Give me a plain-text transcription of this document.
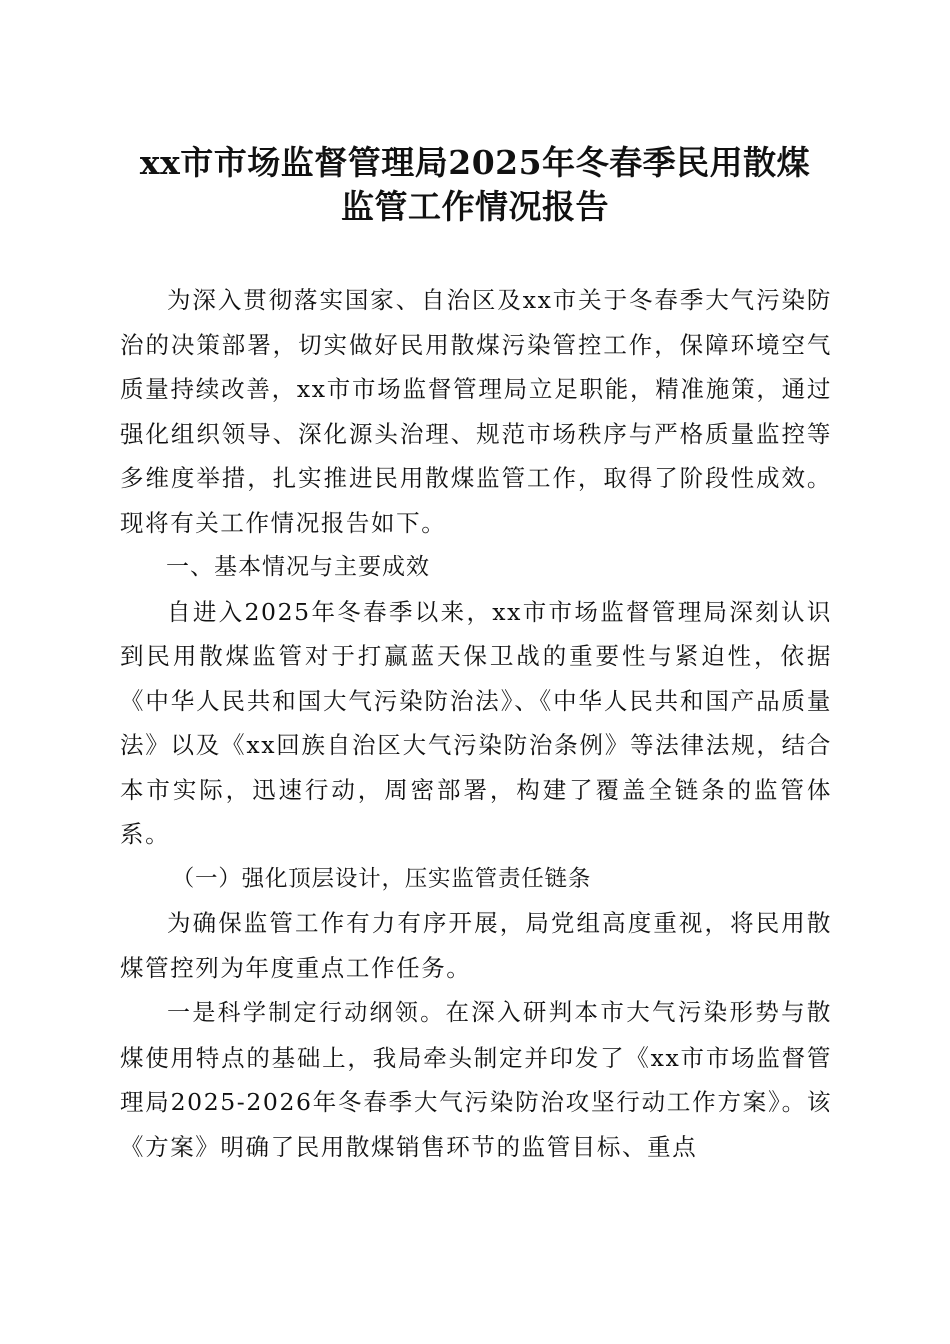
xx市市场监督管理局2025年冬春季民用散煤
监管工作情况报告

为深入贯彻落实国家、自治区及xx市关于冬春季大气污染防治的决策部署，切实做好民用散煤污染管控工作，保障环境空气质量持续改善，xx市市场监督管理局立足职能，精准施策，通过强化组织领导、深化源头治理、规范市场秩序与严格质量监控等多维度举措，扎实推进民用散煤监管工作，取得了阶段性成效。现将有关工作情况报告如下。

一、基本情况与主要成效

自进入2025年冬春季以来，xx市市场监督管理局深刻认识到民用散煤监管对于打赢蓝天保卫战的重要性与紧迫性，依据《中华人民共和国大气污染防治法》、《中华人民共和国产品质量法》以及《xx回族自治区大气污染防治条例》等法律法规，结合本市实际，迅速行动，周密部署，构建了覆盖全链条的监管体系。

（一）强化顶层设计，压实监管责任链条

为确保监管工作有力有序开展，局党组高度重视，将民用散煤管控列为年度重点工作任务。

一是科学制定行动纲领。在深入研判本市大气污染形势与散煤使用特点的基础上，我局牵头制定并印发了《xx市市场监督管理局2025-2026年冬春季大气污染防治攻坚行动工作方案》。该《方案》明确了民用散煤销售环节的监管目标、重点
